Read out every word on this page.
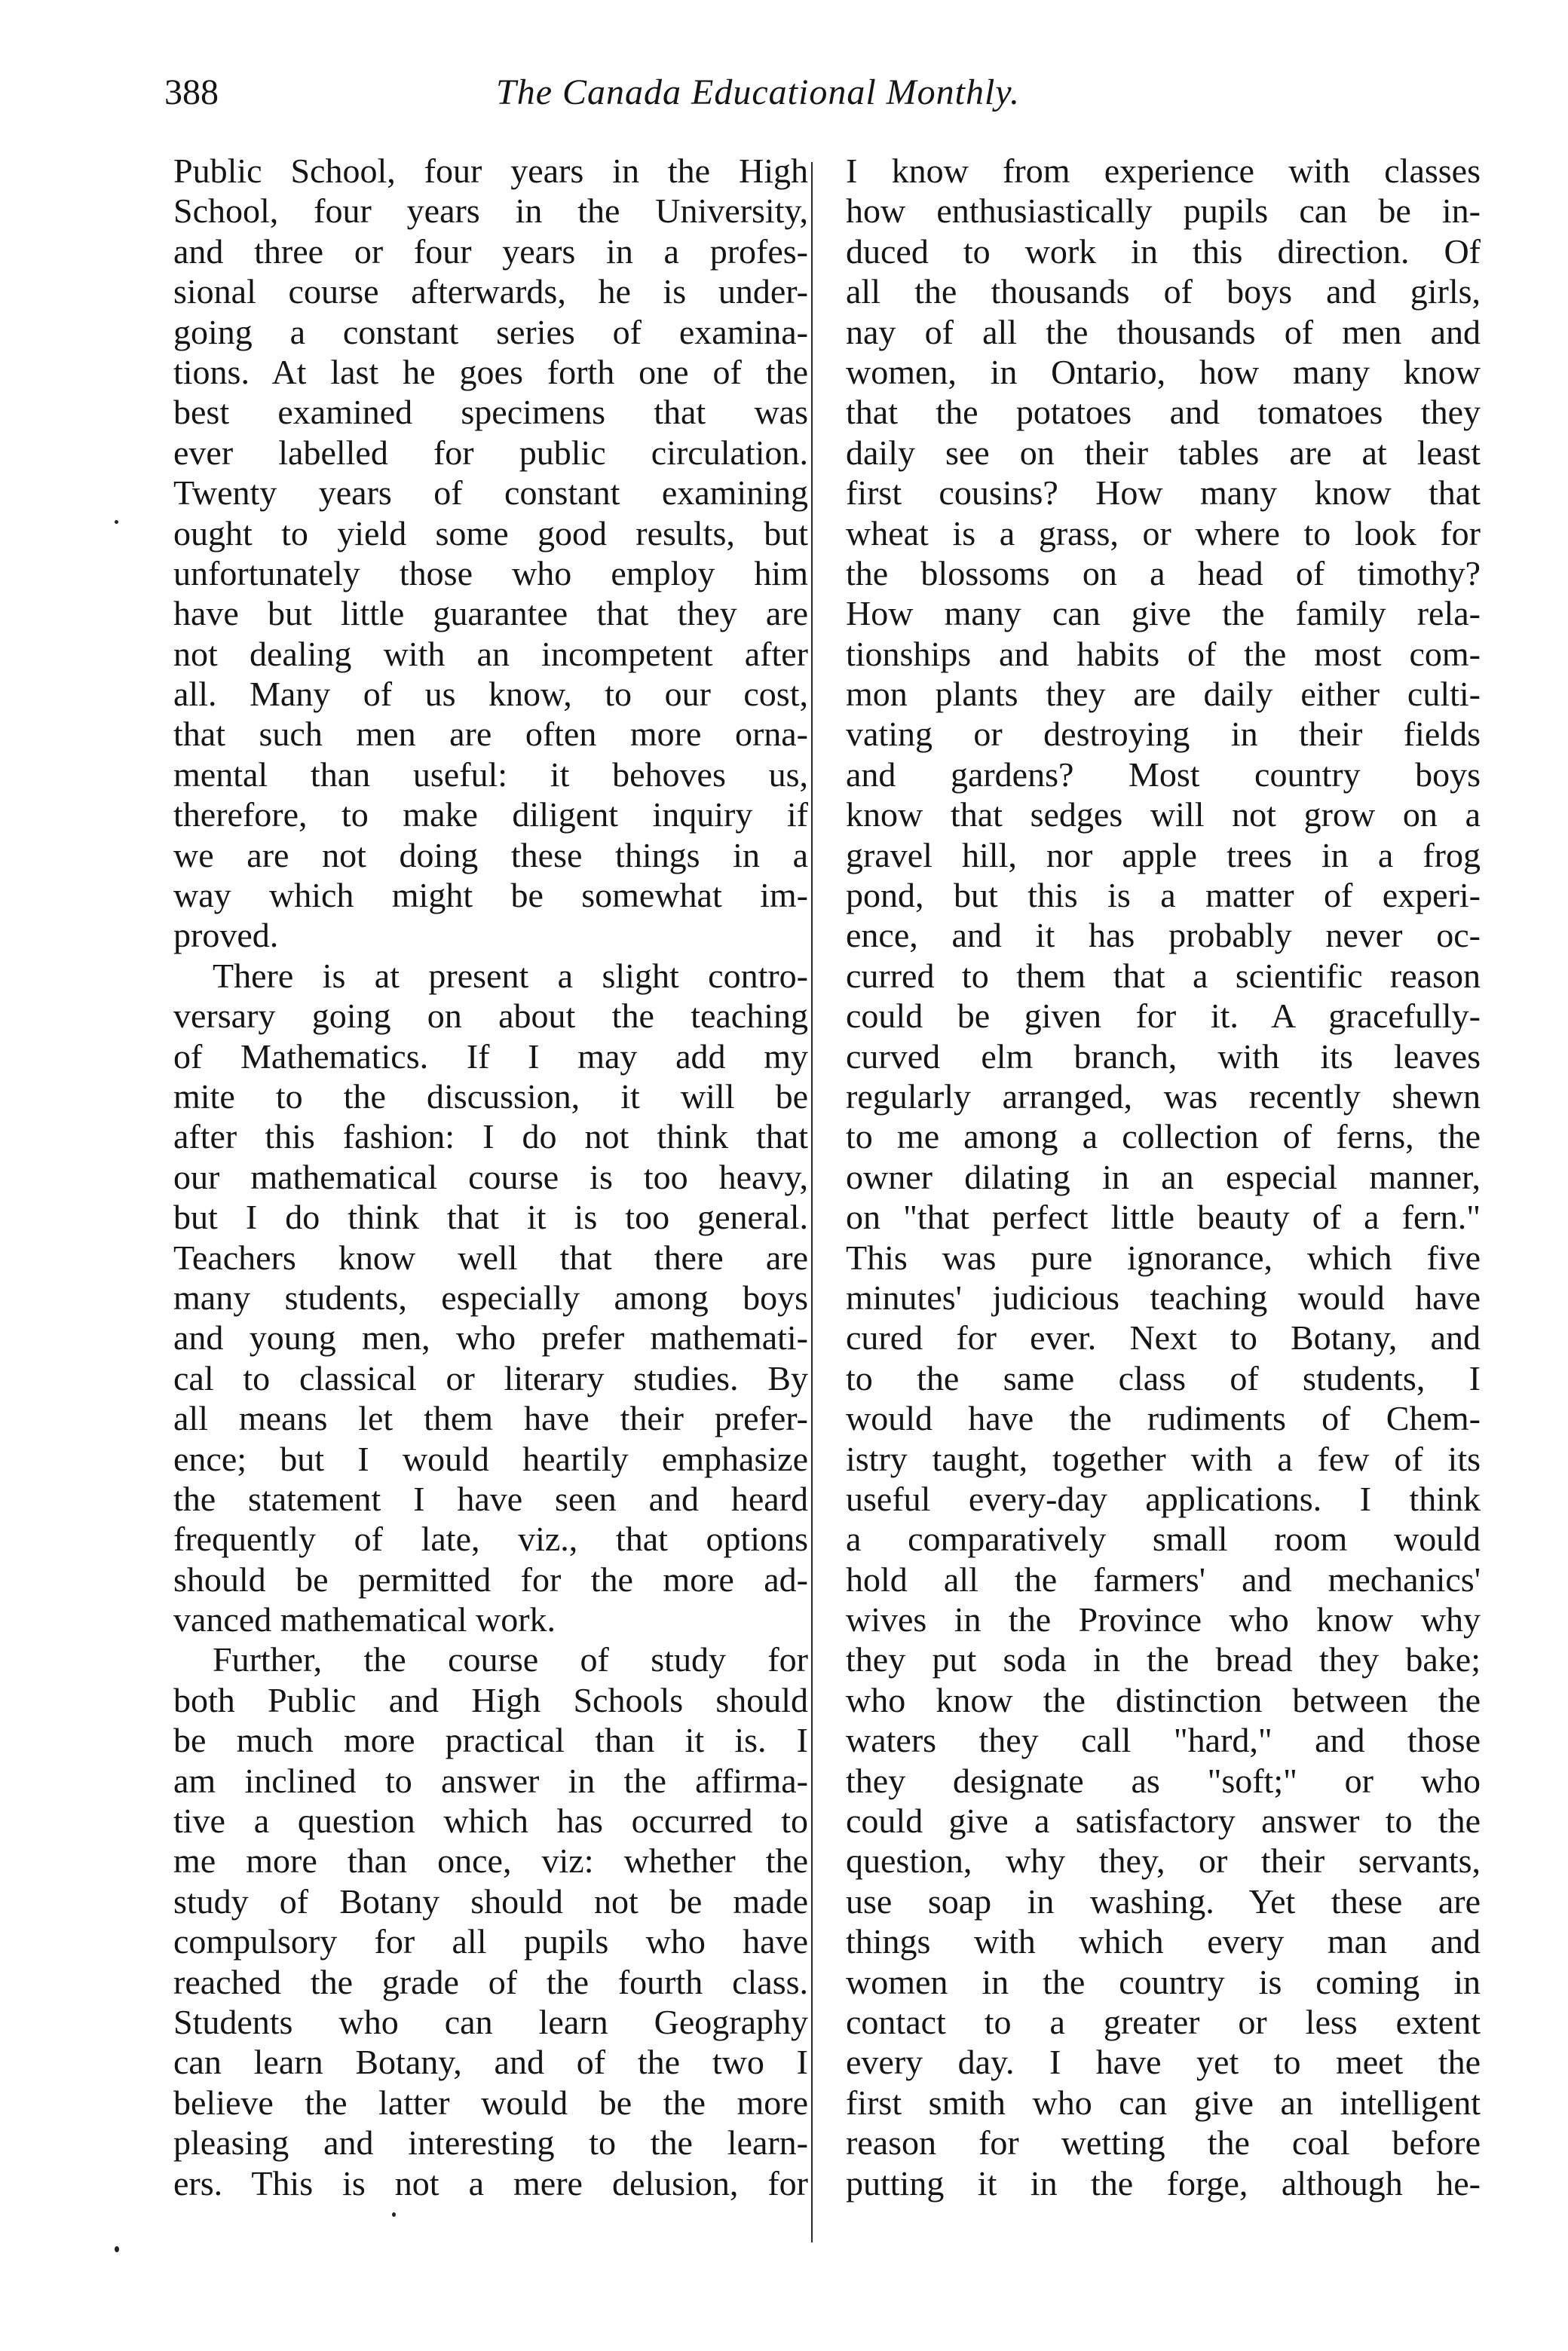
388	The Canada Educational Monthly.
Public School, four years in the High
School, four years in the University,
and three or four years in a profes-
sional course afterwards, he is under-
going a constant series of examina-
tions. At last he goes forth one of the
best examined specimens that was
ever labelled for public circulation.
Twenty years of constant examining
ought to yield some good results, but
unfortunately those who employ him
have but little guarantee that they are
not dealing with an incompetent after
all. Many of us know, to our cost,
that such men are often more orna-
mental than useful: it behoves us,
therefore, to make diligent inquiry if
we are not doing these things in a
way which might be somewhat im-
proved.
There is at present a slight contro-
versary going on about the teaching
of Mathematics. If I may add my
mite to the discussion, it will be
after this fashion: I do not think that
our mathematical course is too heavy,
but I do think that it is too general.
Teachers know well that there are
many students, especially among boys
and young men, who prefer mathemati-
cal to classical or literary studies. By
all means let them have their prefer-
ence; but I would heartily emphasize
the statement I have seen and heard
frequently of late, viz., that options
should be permitted for the more ad-
vanced mathematical work.
Further, the course of study for
both Public and High Schools should
be much more practical than it is. I
am inclined to answer in the affirma-
tive a question which has occurred to
me more than once, viz: whether the
study of Botany should not be made
compulsory for all pupils who have
reached the grade of the fourth class.
Students who can learn Geography
can learn Botany, and of the two I
believe the latter would be the more
pleasing and interesting to the learn-
ers. This is not a mere delusion, for
I know from experience with classes
how enthusiastically pupils can be in-
duced to work in this direction. Of
all the thousands of boys and girls,
nay of all the thousands of men and
women, in Ontario, how many know
that the potatoes and tomatoes they
daily see on their tables are at least
first cousins? How many know that
wheat is a grass, or where to look for
the blossoms on a head of timothy?
How many can give the family rela-
tionships and habits of the most com-
mon plants they are daily either culti-
vating or destroying in their fields
and gardens? Most country boys
know that sedges will not grow on a
gravel hill, nor apple trees in a frog
pond, but this is a matter of experi-
ence, and it has probably never oc-
curred to them that a scientific reason
could be given for it. A gracefully-
curved elm branch, with its leaves
regularly arranged, was recently shewn
to me among a collection of ferns, the
owner dilating in an especial manner,
on "that perfect little beauty of a fern."
This was pure ignorance, which five
minutes' judicious teaching would have
cured for ever. Next to Botany, and
to the same class of students, I
would have the rudiments of Chem-
istry taught, together with a few of its
useful every-day applications. I think
a comparatively small room would
hold all the farmers' and mechanics'
wives in the Province who know why
they put soda in the bread they bake;
who know the distinction between the
waters they call "hard," and those
they designate as "soft;" or who
could give a satisfactory answer to the
question, why they, or their servants,
use soap in washing. Yet these are
things with which every man and
women in the country is coming in
contact to a greater or less extent
every day. I have yet to meet the
first smith who can give an intelligent
reason for wetting the coal before
putting it in the forge, although he-
